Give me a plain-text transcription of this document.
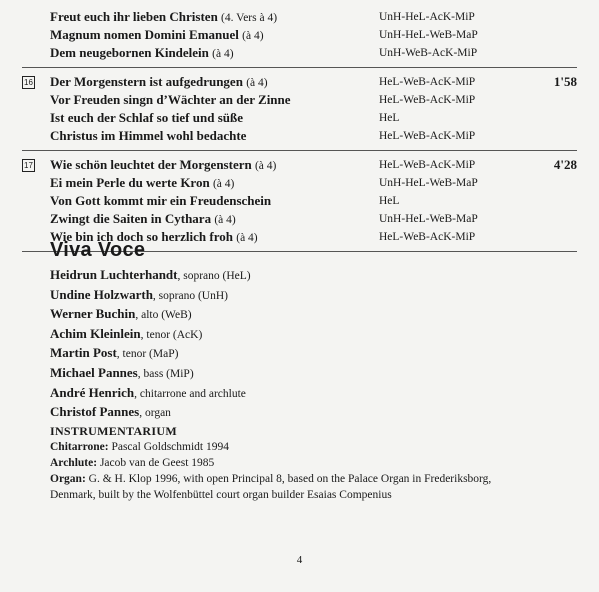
Freut euch ihr lieben Christen (4. Vers à 4)	UnH-HeL-AcK-MiP
Magnum nomen Domini Emanuel (à 4)	UnH-HeL-WeB-MaP
Dem neugebornen Kindelein (à 4)	UnH-WeB-AcK-MiP
16 Der Morgenstern ist aufgedrungen (à 4)	HeL-WeB-AcK-MiP	1'58
Vor Freuden singn d’Wächter an der Zinne	HeL-WeB-AcK-MiP
Ist euch der Schlaf so tief und süße	HeL
Christus im Himmel wohl bedachte	HeL-WeB-AcK-MiP
17 Wie schön leuchtet der Morgenstern (à 4)	HeL-WeB-AcK-MiP	4'28
Ei mein Perle du werte Kron (à 4)	UnH-HeL-WeB-MaP
Von Gott kommt mir ein Freudenschein	HeL
Zwingt die Saiten in Cythara (à 4)	UnH-HeL-WeB-MaP
Wie bin ich doch so herzlich froh (à 4)	HeL-WeB-AcK-MiP
Viva Voce
Heidrun Luchterhandt, soprano (HeL)
Undine Holzwarth, soprano (UnH)
Werner Buchin, alto (WeB)
Achim Kleinlein, tenor (AcK)
Martin Post, tenor (MaP)
Michael Pannes, bass (MiP)
André Henrich, chitarrone and archlute
Christof Pannes, organ
INSTRUMENTARIUM
Chitarrone: Pascal Goldschmidt 1994
Archlute: Jacob van de Geest 1985
Organ: G. & H. Klop 1996, with open Principal 8, based on the Palace Organ in Frederiksborg,
Denmark, built by the Wolfenbüttel court organ builder Esaias Compenius
4
